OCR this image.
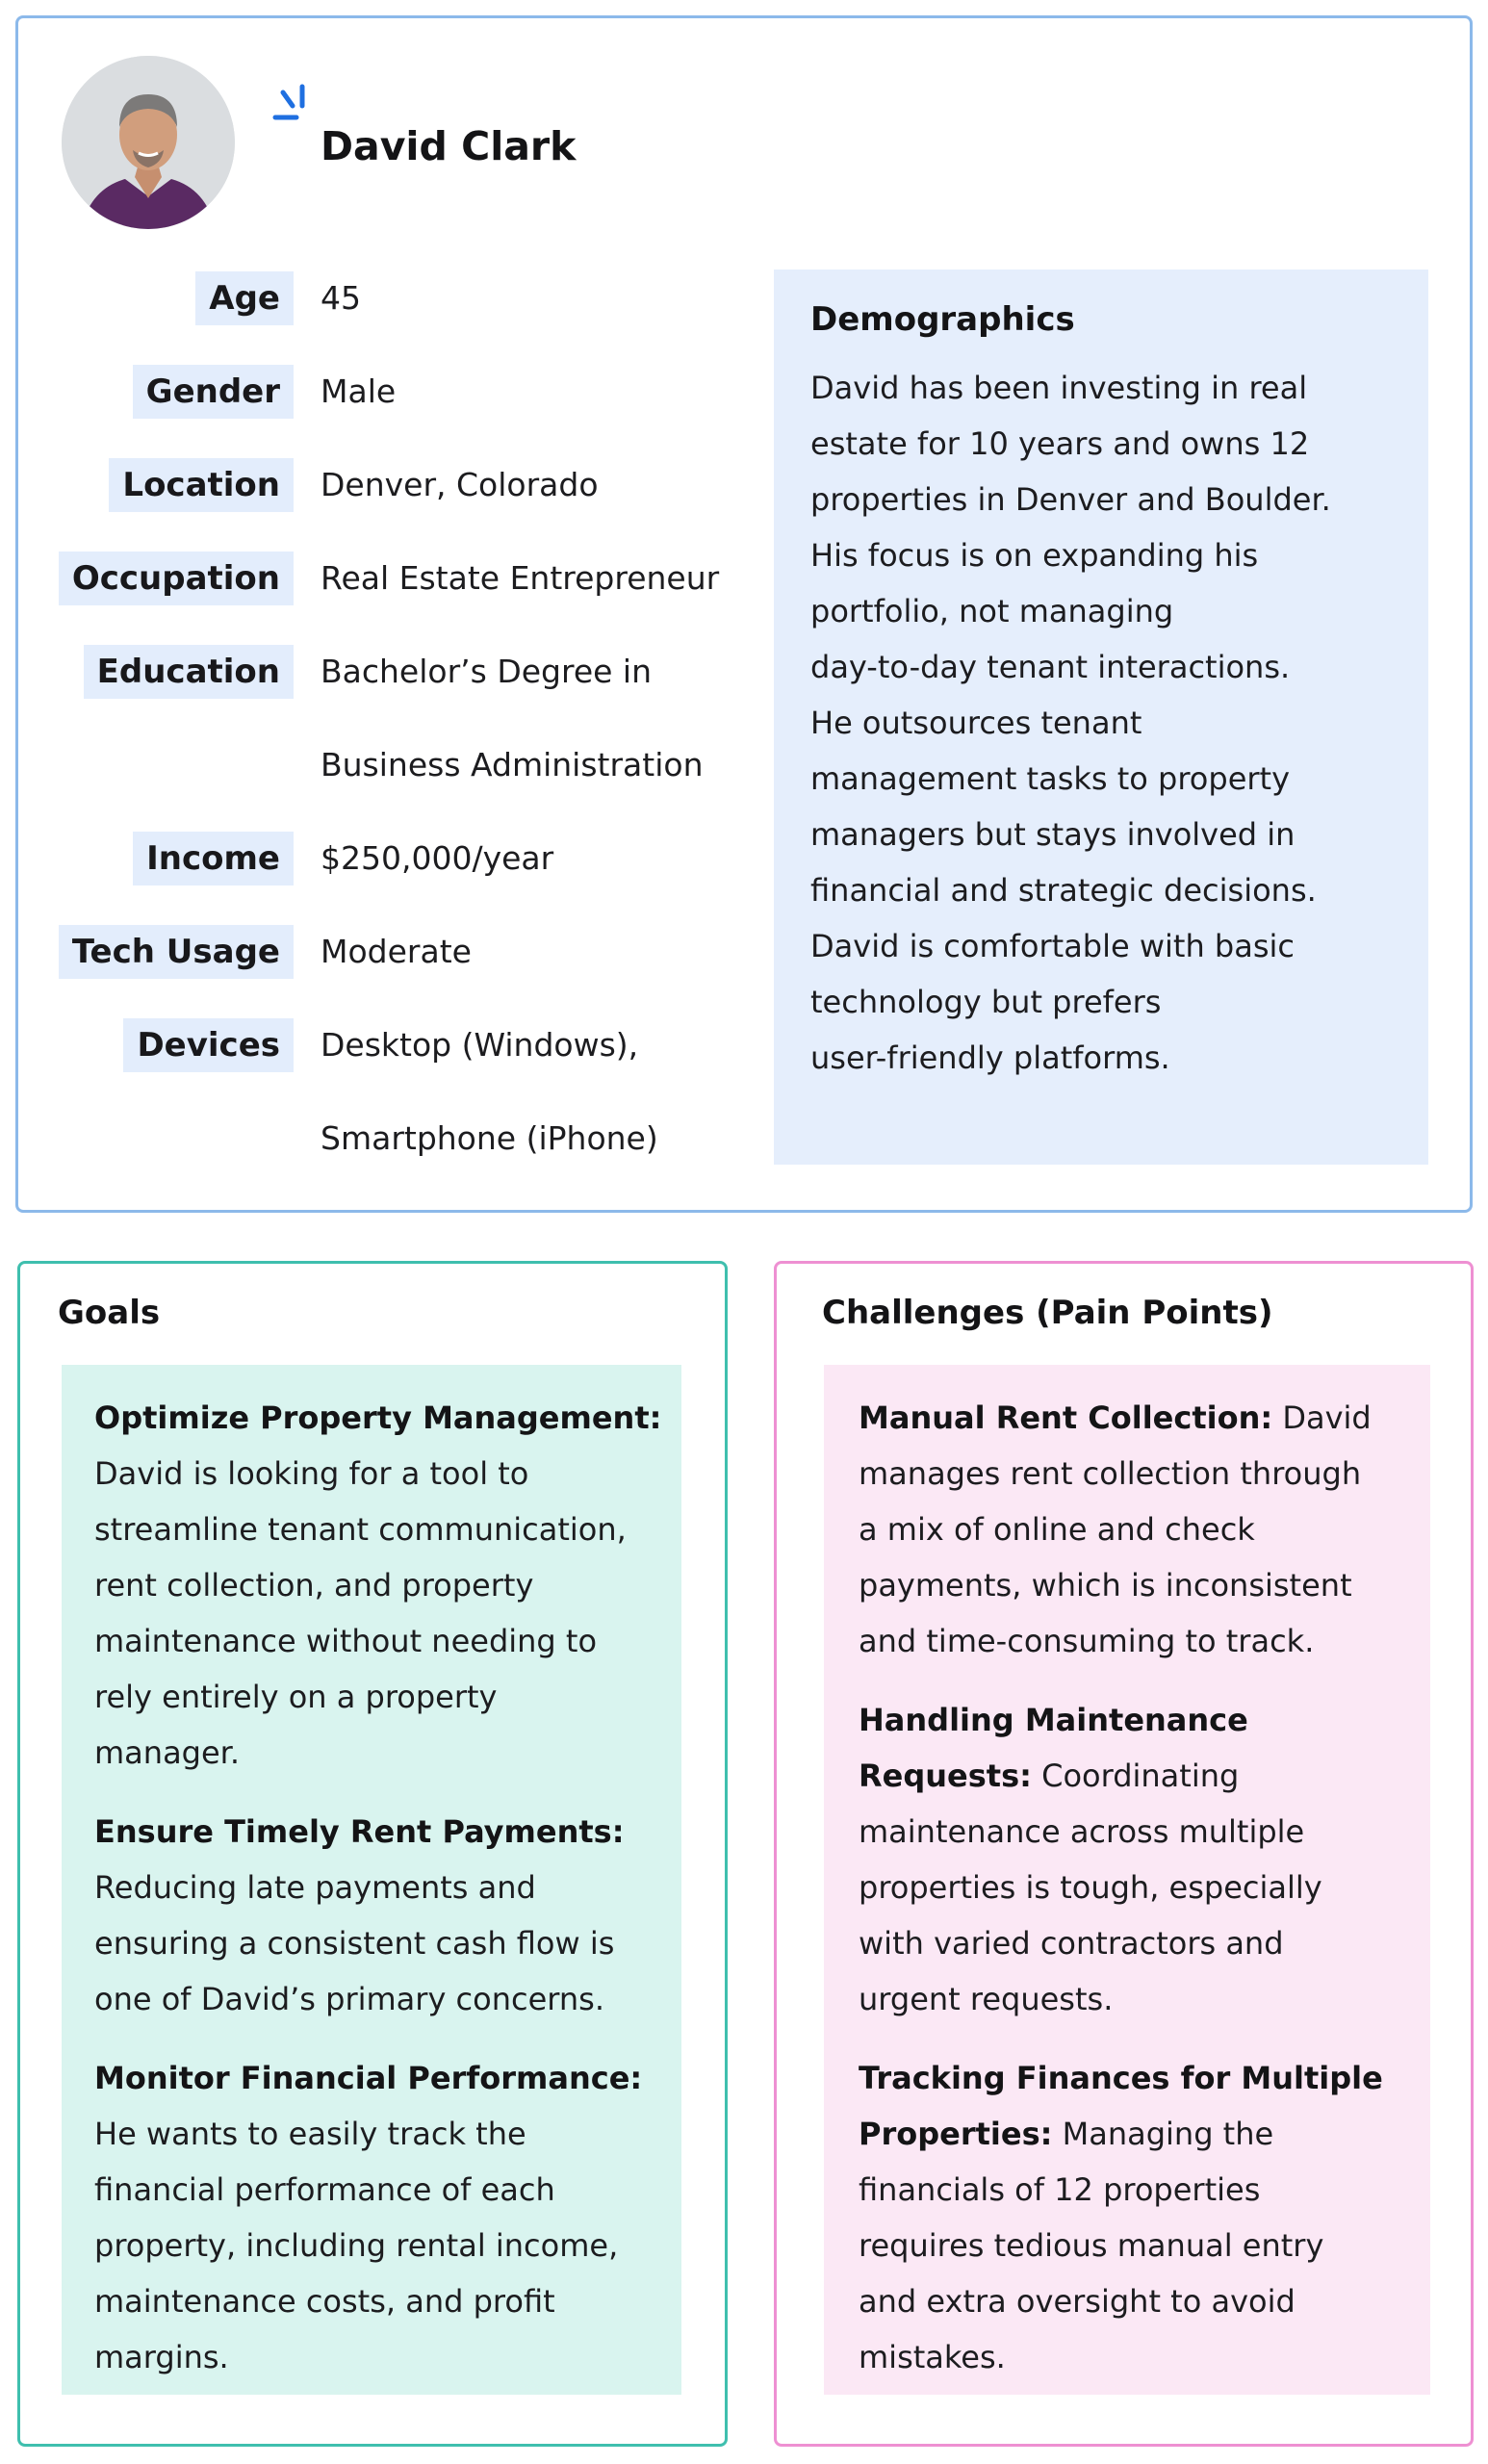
David Clark
Age	45
Gender	Male
Location	Denver, Colorado
Occupation	Real Estate Entrepreneur
Education	Bachelor’s Degree in
Business Administration
Income	$250,000/year
Tech Usage	Moderate
Devices	Desktop (Windows),
Smartphone (iPhone)
Demographics
David has been investing in real
estate for 10 years and owns 12
properties in Denver and Boulder.
His focus is on expanding his
portfolio, not managing
day-to-day tenant interactions.
He outsources tenant
management tasks to property
managers but stays involved in
financial and strategic decisions.
David is comfortable with basic
technology but prefers
user-friendly platforms.
Goals	Challenges (Pain Points)
Optimize Property Management:
David is looking for a tool to
streamline tenant communication,
rent collection, and property
maintenance without needing to
rely entirely on a property
manager.
Ensure Timely Rent Payments:
Reducing late payments and
ensuring a consistent cash flow is
one of David’s primary concerns.
Monitor Financial Performance:
He wants to easily track the
financial performance of each
property, including rental income,
maintenance costs, and profit
margins.
Manual Rent Collection: David
manages rent collection through
a mix of online and check
payments, which is inconsistent
and time-consuming to track.
Handling Maintenance
Requests: Coordinating
maintenance across multiple
properties is tough, especially
with varied contractors and
urgent requests.
Tracking Finances for Multiple
Properties: Managing the
financials of 12 properties
requires tedious manual entry
and extra oversight to avoid
mistakes.
